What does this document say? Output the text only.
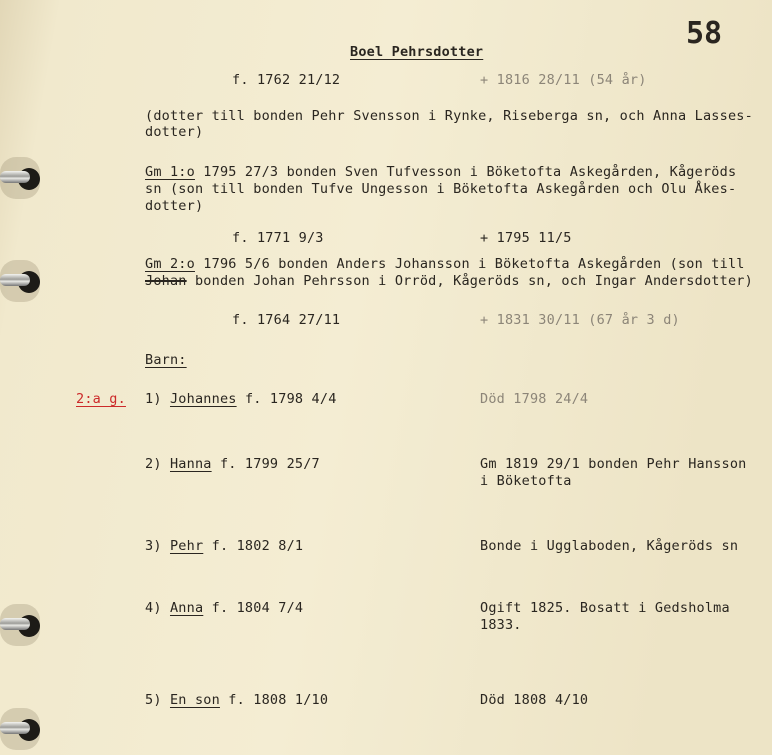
58
Boel Pehrsdotter
f. 1762 21/12	+ 1816 28/11 (54 år)
(dotter till bonden Pehr Svensson i Rynke, Riseberga sn, och Anna Lasses-
dotter)
Gm 1:o 1795 27/3 bonden Sven Tufvesson i Böketofta Askegården, Kågeröds
sn (son till bonden Tufve Ungesson i Böketofta Askegården och Olu Åkes-
dotter)
f. 1771 9/3	+ 1795 11/5
Gm 2:o 1796 5/6 bonden Anders Johansson i Böketofta Askegården (son till
Johan bonden Johan Pehrsson i Orröd, Kågeröds sn, och Ingar Andersdotter)
f. 1764 27/11	+ 1831 30/11 (67 år 3 d)
Barn:
2:a g. 1) Johannes f. 1798 4/4	Död 1798 24/4
2) Hanna f. 1799 25/7	Gm 1819 29/1 bonden Pehr Hansson
i Böketofta
3) Pehr f. 1802 8/1	Bonde i Ugglaboden, Kågeröds sn
4) Anna f. 1804 7/4	Ogift 1825. Bosatt i Gedsholma
1833.
5) En son f. 1808 1/10	Död 1808 4/10
